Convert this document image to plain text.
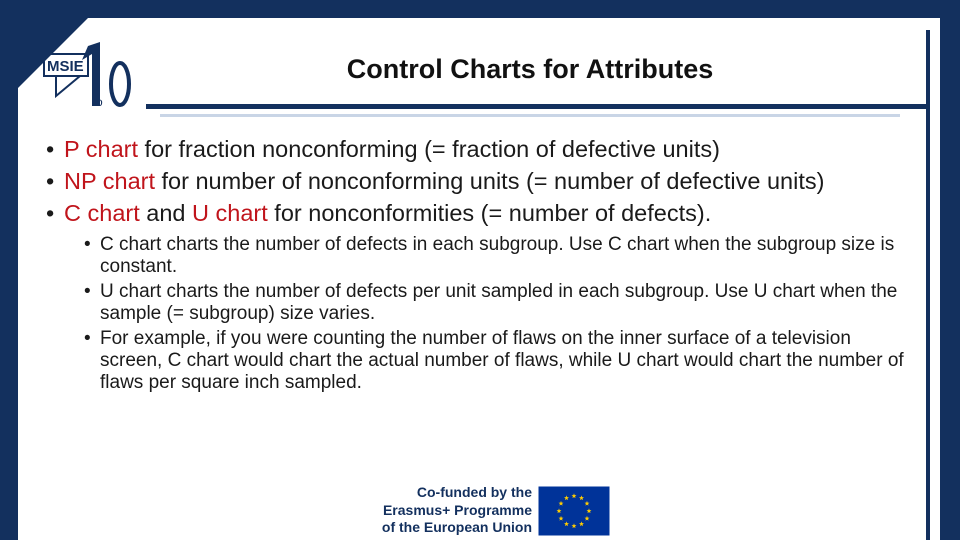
MSIE
o
Control Charts for Attributes

• P chart for fraction nonconforming (= fraction of defective units)

• NP chart for number of nonconforming units (= number of defective units)

• C chart and U chart for nonconformities (= number of defects).

• C chart charts the number of defects in each subgroup. Use C chart when the subgroup size is constant.

• U chart charts the number of defects per unit sampled in each subgroup. Use U chart when the sample (= subgroup) size varies.

• For example, if you were counting the number of flaws on the inner surface of a television screen, C chart would chart the actual number of flaws, while U chart would chart the number of flaws per square inch sampled.

Co-funded by the
Erasmus+ Programme
of the European Union
